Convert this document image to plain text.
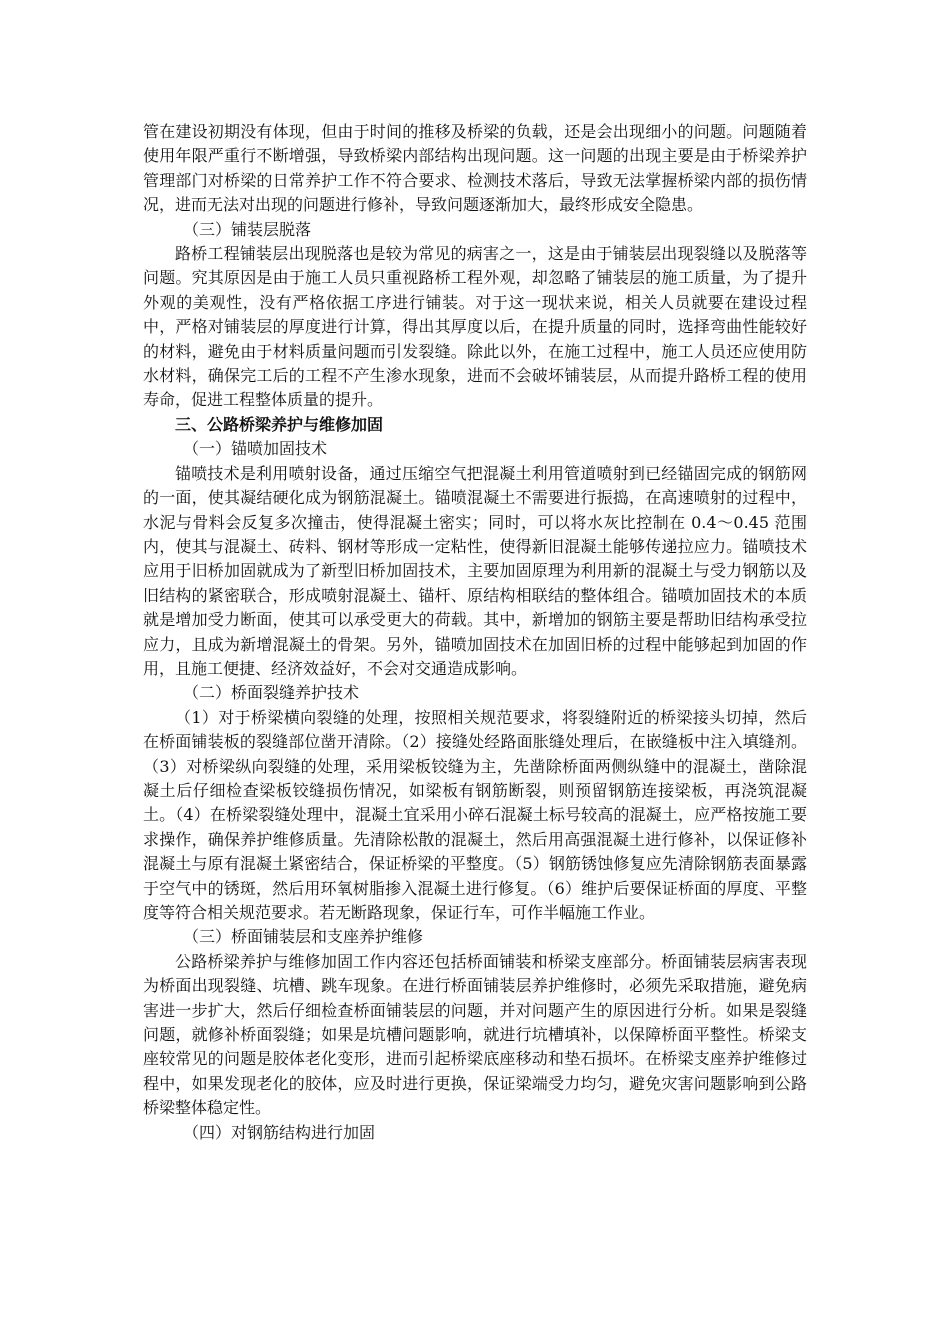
管在建设初期没有体现，但由于时间的推移及桥梁的负载，还是会出现细小的问题。问题随着使用年限严重行不断增强，导致桥梁内部结构出现问题。这一问题的出现主要是由于桥梁养护管理部门对桥梁的日常养护工作不符合要求、检测技术落后，导致无法掌握桥梁内部的损伤情况，进而无法对出现的问题进行修补，导致问题逐渐加大，最终形成安全隐患。

（三）铺装层脱落

路桥工程铺装层出现脱落也是较为常见的病害之一，这是由于铺装层出现裂缝以及脱落等问题。究其原因是由于施工人员只重视路桥工程外观，却忽略了铺装层的施工质量，为了提升外观的美观性，没有严格依据工序进行铺装。对于这一现状来说，相关人员就要在建设过程中，严格对铺装层的厚度进行计算，得出其厚度以后，在提升质量的同时，选择弯曲性能较好的材料，避免由于材料质量问题而引发裂缝。除此以外，在施工过程中，施工人员还应使用防水材料，确保完工后的工程不产生渗水现象，进而不会破坏铺装层，从而提升路桥工程的使用寿命，促进工程整体质量的提升。

三、公路桥梁养护与维修加固

（一）锚喷加固技术

锚喷技术是利用喷射设备，通过压缩空气把混凝土利用管道喷射到已经锚固完成的钢筋网的一面，使其凝结硬化成为钢筋混凝土。锚喷混凝土不需要进行振捣，在高速喷射的过程中，水泥与骨料会反复多次撞击，使得混凝土密实；同时，可以将水灰比控制在 0.4～0.45 范围内，使其与混凝土、砖料、钢材等形成一定粘性，使得新旧混凝土能够传递拉应力。锚喷技术应用于旧桥加固就成为了新型旧桥加固技术，主要加固原理为利用新的混凝土与受力钢筋以及旧结构的紧密联合，形成喷射混凝土、锚杆、原结构相联结的整体组合。锚喷加固技术的本质就是增加受力断面，使其可以承受更大的荷载。其中，新增加的钢筋主要是帮助旧结构承受拉应力，且成为新增混凝土的骨架。另外，锚喷加固技术在加固旧桥的过程中能够起到加固的作用，且施工便捷、经济效益好，不会对交通造成影响。

（二）桥面裂缝养护技术

（1）对于桥梁横向裂缝的处理，按照相关规范要求，将裂缝附近的桥梁接头切掉，然后在桥面铺装板的裂缝部位凿开清除。（2）接缝处经路面胀缝处理后，在嵌缝板中注入填缝剂。（3）对桥梁纵向裂缝的处理，采用梁板铰缝为主，先凿除桥面两侧纵缝中的混凝土，凿除混凝土后仔细检查梁板铰缝损伤情况，如梁板有钢筋断裂，则预留钢筋连接梁板，再浇筑混凝土。（4）在桥梁裂缝处理中，混凝土宜采用小碎石混凝土标号较高的混凝土，应严格按施工要求操作，确保养护维修质量。先清除松散的混凝土，然后用高强混凝土进行修补，以保证修补混凝土与原有混凝土紧密结合，保证桥梁的平整度。（5）钢筋锈蚀修复应先清除钢筋表面暴露于空气中的锈斑，然后用环氧树脂掺入混凝土进行修复。（6）维护后要保证桥面的厚度、平整度等符合相关规范要求。若无断路现象，保证行车，可作半幅施工作业。

（三）桥面铺装层和支座养护维修

公路桥梁养护与维修加固工作内容还包括桥面铺装和桥梁支座部分。桥面铺装层病害表现为桥面出现裂缝、坑槽、跳车现象。在进行桥面铺装层养护维修时，必须先采取措施，避免病害进一步扩大，然后仔细检查桥面铺装层的问题，并对问题产生的原因进行分析。如果是裂缝问题，就修补桥面裂缝；如果是坑槽问题影响，就进行坑槽填补，以保障桥面平整性。桥梁支座较常见的问题是胶体老化变形，进而引起桥梁底座移动和垫石损坏。在桥梁支座养护维修过程中，如果发现老化的胶体，应及时进行更换，保证梁端受力均匀，避免灾害问题影响到公路桥梁整体稳定性。

（四）对钢筋结构进行加固
